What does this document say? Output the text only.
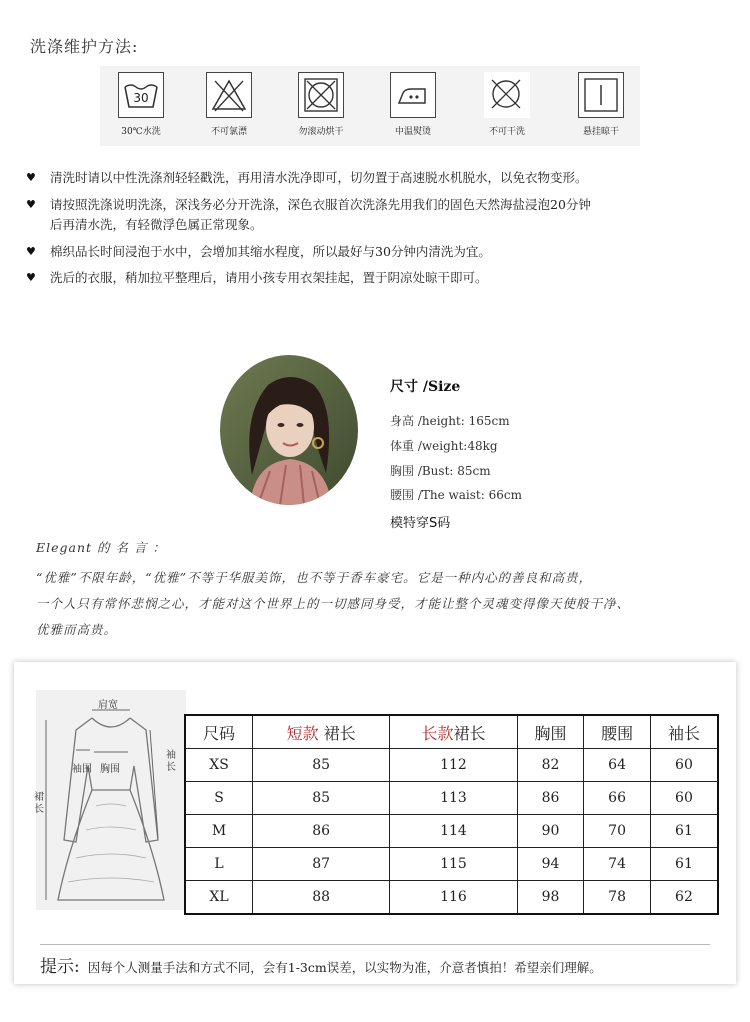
洗涤维护方法:
30
30℃水洗	不可氯漂	勿滚动烘干	中温熨烫	不可干洗	悬挂晾干
♥ 清洗时请以中性洗涤剂轻轻戳洗，再用清水洗净即可，切勿置于高速脱水机脱水，以免衣物变形。
♥ 请按照洗涤说明洗涤，深浅务必分开洗涤，深色衣服首次洗涤先用我们的固色天然海盐浸泡20分钟
后再清水洗，有轻微浮色属正常现象。
♥ 棉织品长时间浸泡于水中，会增加其缩水程度，所以最好与30分钟内清洗为宜。
♥ 洗后的衣服，稍加拉平整理后，请用小孩专用衣架挂起，置于阴凉处晾干即可。
尺寸 /Size
身高 /height: 165cm
体重 /weight:48kg
胸围 /Bust: 85cm
腰围 /The waist: 66cm
模特穿S码
Elegant 的 名 言 ：
“优雅”不限年龄，“优雅”不等于华服美饰，也不等于香车豪宅。它是一种内心的善良和高贵，
一个人只有常怀悲悯之心，才能对这个世界上的一切感同身受，才能让整个灵魂变得像天使般干净、
优雅而高贵。
肩宽
袖围 胸围
袖长
裙长
尺码	短款 裙长	长款裙长	胸围	腰围	袖长
XS	85	112	82	64	60
S	85	113	86	66	60
M	86	114	90	70	61
L	87	115	94	74	61
XL	88	116	98	78	62
提示: 因每个人测量手法和方式不同，会有1-3cm误差，以实物为准，介意者慎拍！希望亲们理解。
